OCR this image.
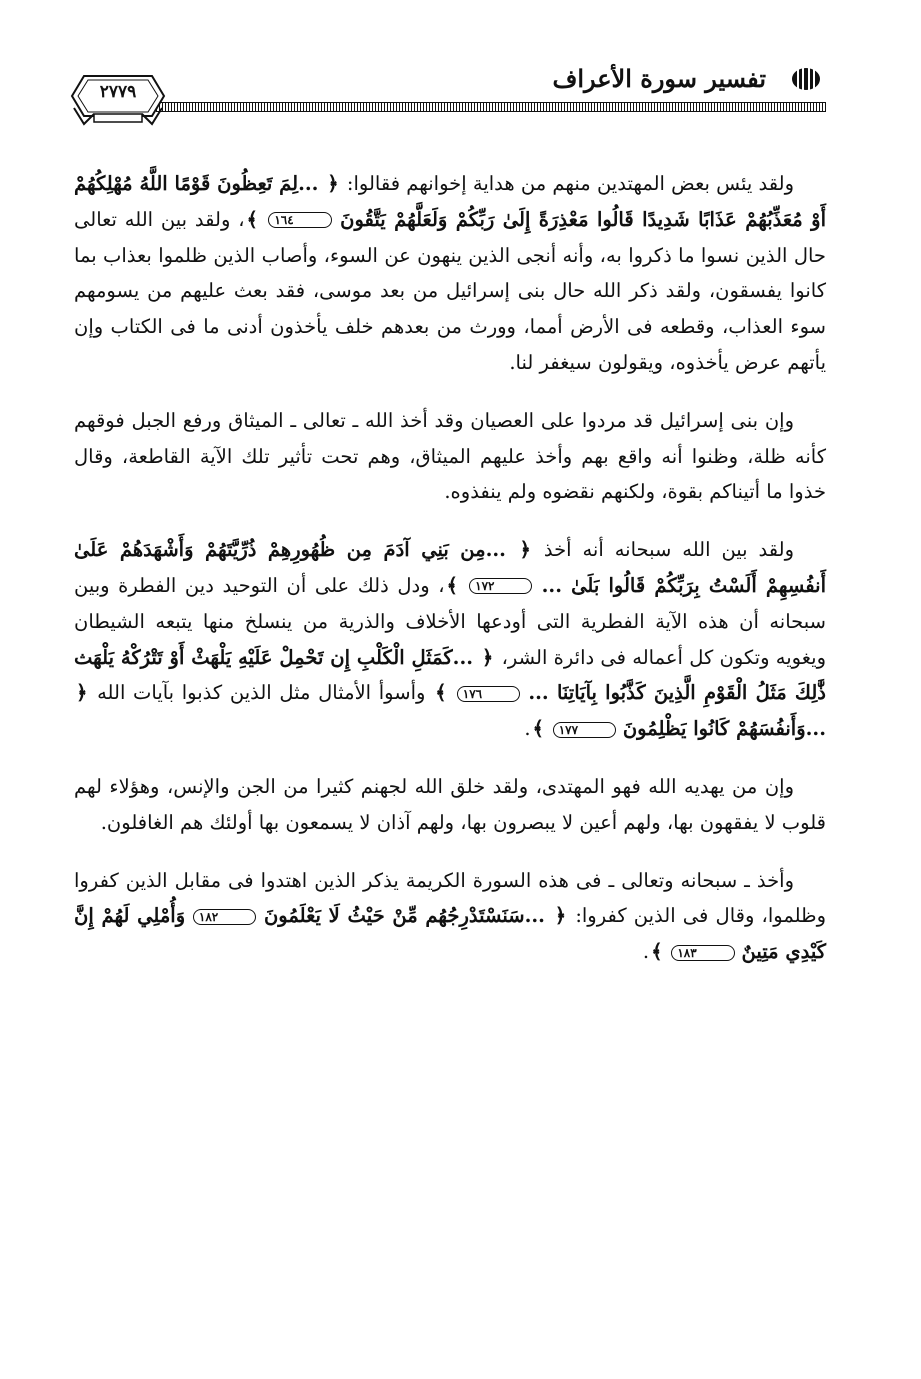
تفسير سورة الأعراف
٢٧٧٩

ولقد يئس بعض المهتدين منهم من هداية إخوانهم فقالوا: ﴿ ...لِمَ تَعِظُونَ قَوْمًا اللَّهُ مُهْلِكُهُمْ أَوْ مُعَذِّبُهُمْ عَذَابًا شَدِيدًا قَالُوا مَعْذِرَةً إِلَىٰ رَبِّكُمْ وَلَعَلَّهُمْ يَتَّقُونَ ١٦٤ ﴾، ولقد بين الله تعالى حال الذين نسوا ما ذكروا به، وأنه أنجى الذين ينهون عن السوء، وأصاب الذين ظلموا بعذاب بما كانوا يفسقون، ولقد ذكر الله حال بنى إسرائيل من بعد موسى، فقد بعث عليهم من يسومهم سوء العذاب، وقطعه فى الأرض أمما، وورث من بعدهم خلف يأخذون أدنى ما فى الكتاب وإن يأتهم عرض يأخذوه، ويقولون سيغفر لنا.

وإن بنى إسرائيل قد مردوا على العصيان وقد أخذ الله ـ تعالى ـ الميثاق ورفع الجبل فوقهم كأنه ظلة، وظنوا أنه واقع بهم وأخذ عليهم الميثاق، وهم تحت تأثير تلك الآية القاطعة، وقال خذوا ما أتيناكم بقوة، ولكنهم نقضوه ولم ينفذوه.

ولقد بين الله سبحانه أنه أخذ ﴿ ...مِن بَنِي آدَمَ مِن ظُهُورِهِمْ ذُرِّيَّتَهُمْ وَأَشْهَدَهُمْ عَلَىٰ أَنفُسِهِمْ أَلَسْتُ بِرَبِّكُمْ قَالُوا بَلَىٰ ... ١٧٢ ﴾، ودل ذلك على أن التوحيد دين الفطرة وبين سبحانه أن هذه الآية الفطرية التى أودعها الأخلاف والذرية من ينسلخ منها يتبعه الشيطان ويغويه وتكون كل أعماله فى دائرة الشر، ﴿ ...كَمَثَلِ الْكَلْبِ إِن تَحْمِلْ عَلَيْهِ يَلْهَثْ أَوْ تَتْرُكْهُ يَلْهَث ذَّٰلِكَ مَثَلُ الْقَوْمِ الَّذِينَ كَذَّبُوا بِآيَاتِنَا ... ١٧٦ ﴾ وأسوأ الأمثال مثل الذين كذبوا بآيات الله ﴿ ...وَأَنفُسَهُمْ كَانُوا يَظْلِمُونَ ١٧٧ ﴾.

وإن من يهديه الله فهو المهتدى، ولقد خلق الله لجهنم كثيرا من الجن والإنس، وهؤلاء لهم قلوب لا يفقهون بها، ولهم أعين لا يبصرون بها، ولهم آذان لا يسمعون بها أولئك هم الغافلون.

وأخذ ـ سبحانه وتعالى ـ فى هذه السورة الكريمة يذكر الذين اهتدوا فى مقابل الذين كفروا وظلموا، وقال فى الذين كفروا: ﴿ ...سَنَسْتَدْرِجُهُم مِّنْ حَيْثُ لَا يَعْلَمُونَ ١٨٢ وَأُمْلِي لَهُمْ إِنَّ كَيْدِي مَتِينٌ ١٨٣ ﴾.
